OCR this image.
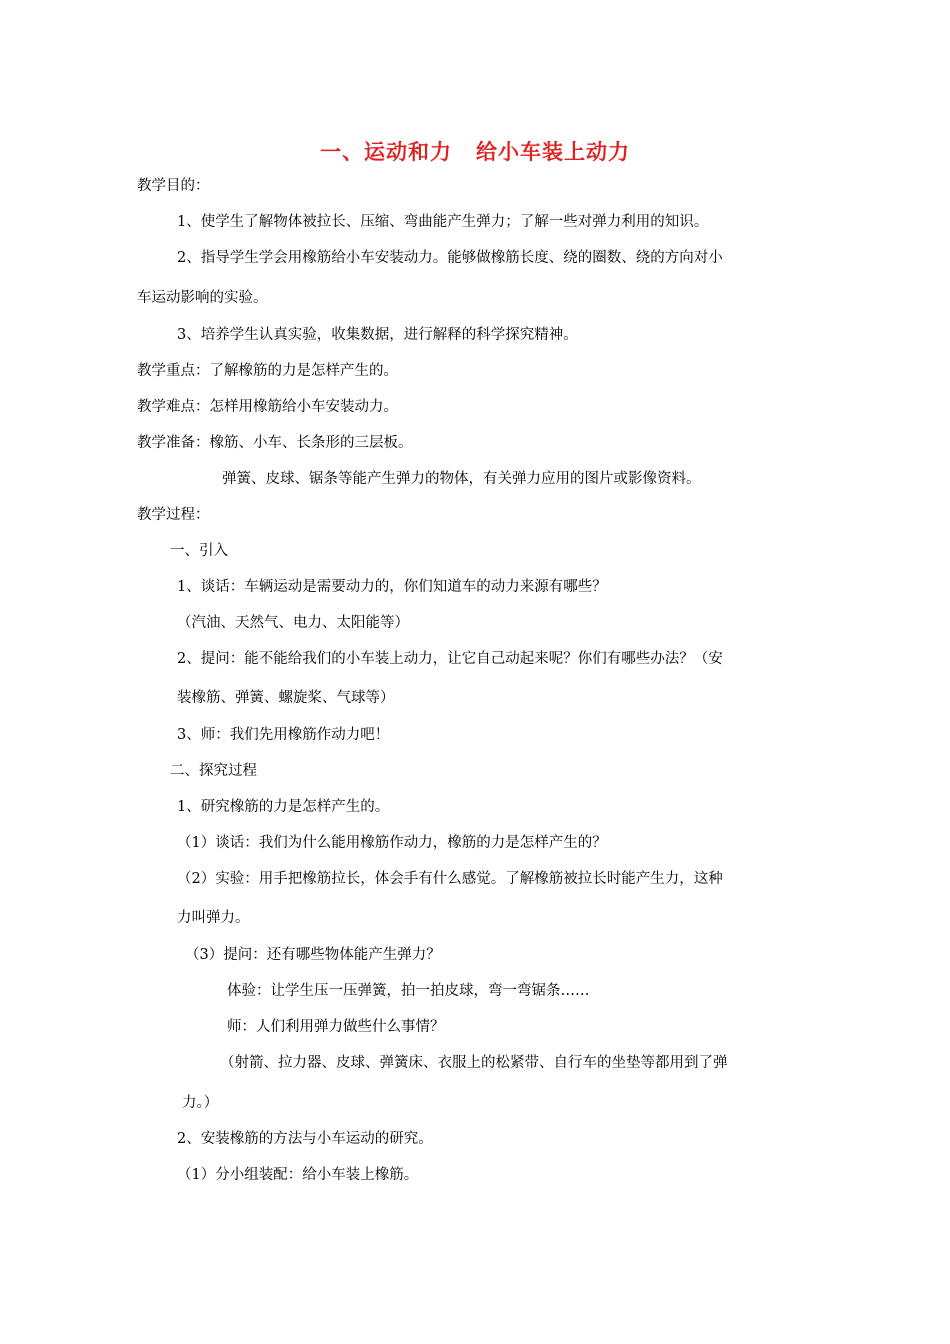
一、运动和力 给小车装上动力
教学目的：
1、使学生了解物体被拉长、压缩、弯曲能产生弹力；了解一些对弹力利用的知识。
2、指导学生学会用橡筋给小车安装动力。能够做橡筋长度、绕的圈数、绕的方向对小
车运动影响的实验。
3、培养学生认真实验，收集数据，进行解释的科学探究精神。
教学重点：了解橡筋的力是怎样产生的。
教学难点：怎样用橡筋给小车安装动力。
教学准备：橡筋、小车、长条形的三层板。
弹簧、皮球、锯条等能产生弹力的物体，有关弹力应用的图片或影像资料。
教学过程：
一、引入
1、谈话：车辆运动是需要动力的，你们知道车的动力来源有哪些？
（汽油、天然气、电力、太阳能等）
2、提问：能不能给我们的小车装上动力，让它自己动起来呢？你们有哪些办法？（安
装橡筋、弹簧、螺旋桨、气球等）
3、师：我们先用橡筋作动力吧！
二、探究过程
1、研究橡筋的力是怎样产生的。
（1）谈话：我们为什么能用橡筋作动力，橡筋的力是怎样产生的？
（2）实验：用手把橡筋拉长，体会手有什么感觉。了解橡筋被拉长时能产生力，这种
力叫弹力。
（3）提问：还有哪些物体能产生弹力？
体验：让学生压一压弹簧，拍一拍皮球，弯一弯锯条……
师：人们利用弹力做些什么事情？
（射箭、拉力器、皮球、弹簧床、衣服上的松紧带、自行车的坐垫等都用到了弹
力。）
2、安装橡筋的方法与小车运动的研究。
（1）分小组装配：给小车装上橡筋。
